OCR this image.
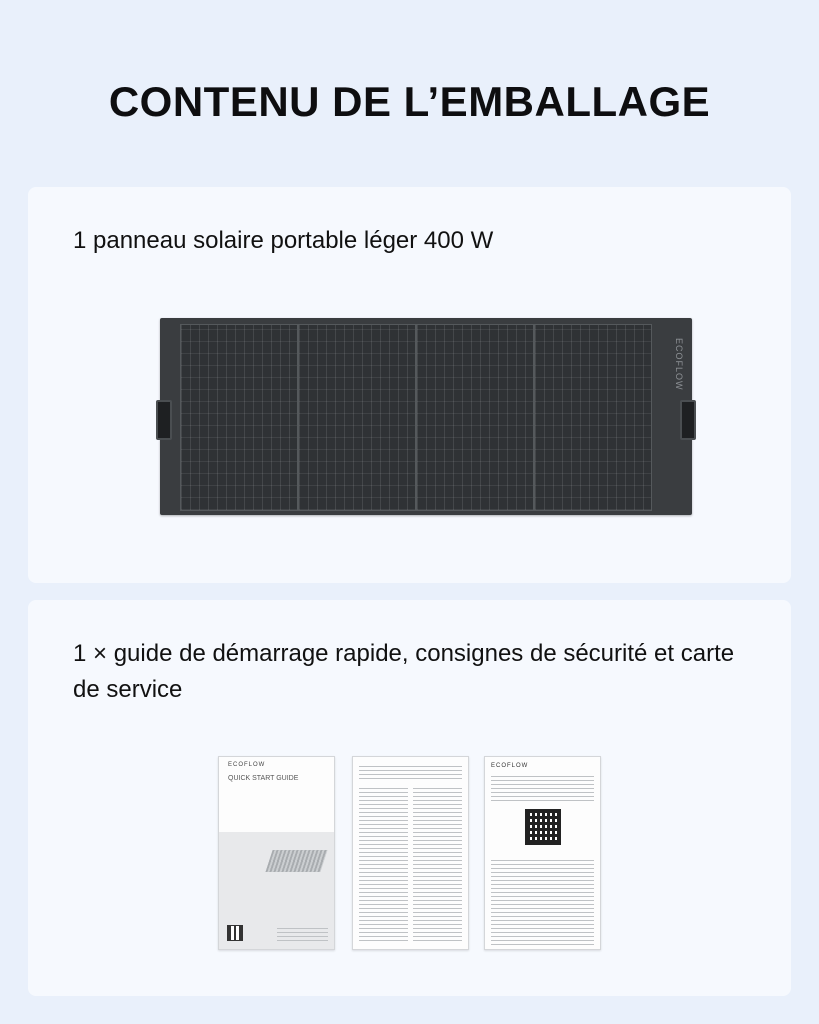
CONTENU DE L’EMBALLAGE
1 panneau solaire portable léger 400 W
ECOFLOW
1 × guide de démarrage rapide, consignes de sécurité et carte de service
ECOFLOW
QUICK START GUIDE
ECOFLOW
